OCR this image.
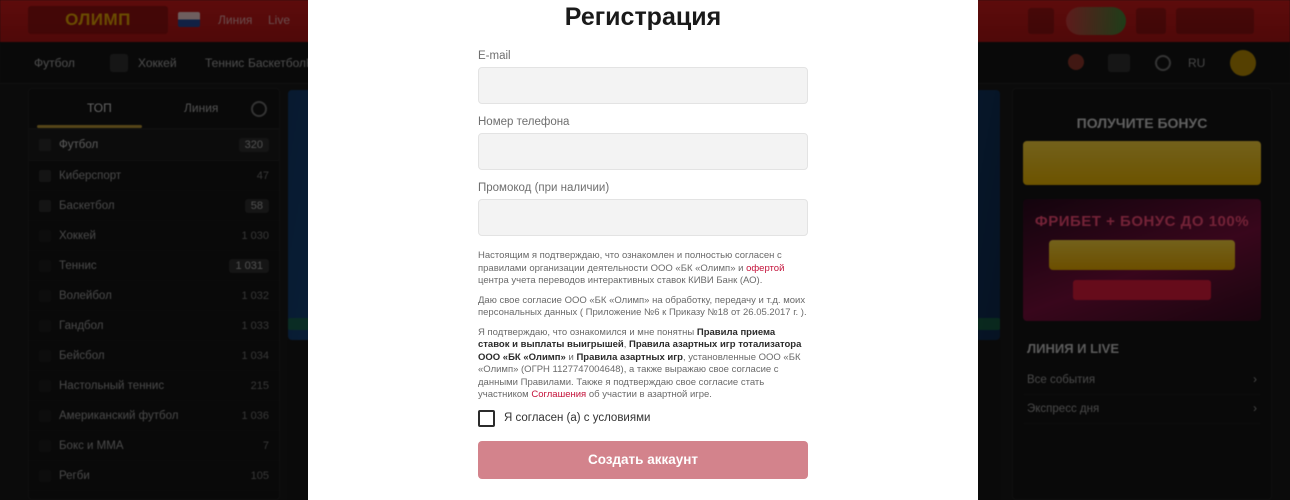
Регистрация
E-mail
Номер телефона
Промокод (при наличии)

Настоящим я подтверждаю, что ознакомлен и полностью согласен с правилами организации деятельности ООО «БК «Олимп» и офертой центра учета переводов интерактивных ставок КИВИ Банк (АО).

Даю свое согласие ООО «БК «Олимп» на обработку, передачу и т.д. моих персональных данных ( Приложение №6 к Приказу №18 от 26.05.2017 г. ).

Я подтверждаю, что ознакомился и мне понятны Правила приема ставок и выплаты выигрышей, Правила азартных игр тотализатора ООО «БК «Олимп» и Правила азартных игр, установленные ООО «БК «Олимп» (ОГРН 1127747004648), а также выражаю свое согласие с данными Правилами. Также я подтверждаю свое согласие стать участником Соглашения об участии в азартной игре.

Я согласен (а) с условиями
Создать аккаунт
